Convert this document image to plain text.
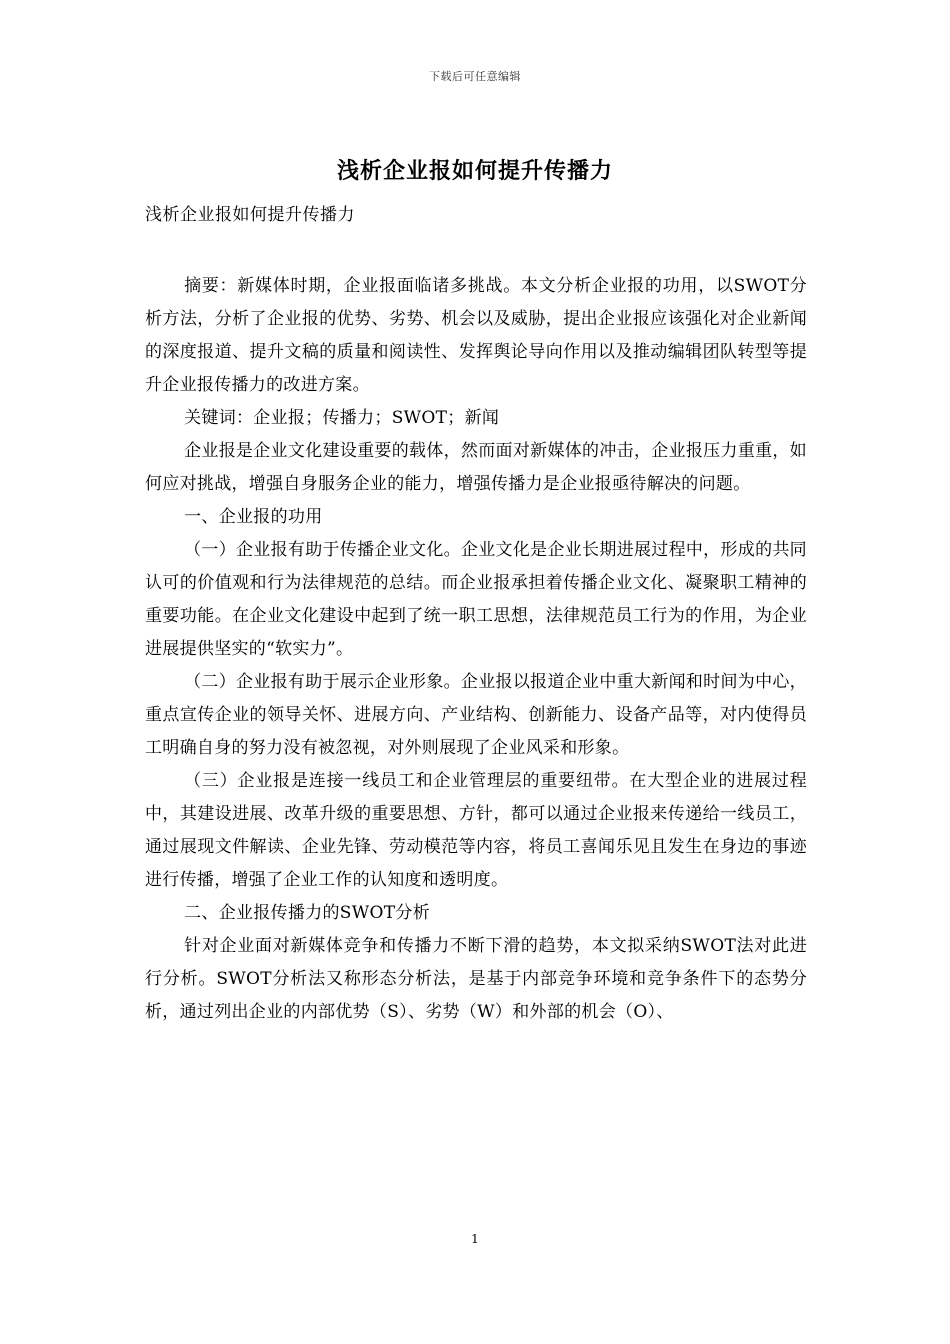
下载后可任意编辑
浅析企业报如何提升传播力
浅析企业报如何提升传播力

摘要：新媒体时期，企业报面临诸多挑战。本文分析企业报的功用，以SWOT分析方法，分析了企业报的优势、劣势、机会以及威胁，提出企业报应该强化对企业新闻的深度报道、提升文稿的质量和阅读性、发挥舆论导向作用以及推动编辑团队转型等提升企业报传播力的改进方案。

关键词：企业报；传播力；SWOT；新闻

企业报是企业文化建设重要的载体，然而面对新媒体的冲击，企业报压力重重，如何应对挑战，增强自身服务企业的能力，增强传播力是企业报亟待解决的问题。

一、企业报的功用

（一）企业报有助于传播企业文化。企业文化是企业长期进展过程中，形成的共同认可的价值观和行为法律规范的总结。而企业报承担着传播企业文化、凝聚职工精神的重要功能。在企业文化建设中起到了统一职工思想，法律规范员工行为的作用，为企业进展提供坚实的“软实力”。

（二）企业报有助于展示企业形象。企业报以报道企业中重大新闻和时间为中心，重点宣传企业的领导关怀、进展方向、产业结构、创新能力、设备产品等，对内使得员工明确自身的努力没有被忽视，对外则展现了企业风采和形象。

（三）企业报是连接一线员工和企业管理层的重要纽带。在大型企业的进展过程中，其建设进展、改革升级的重要思想、方针，都可以通过企业报来传递给一线员工，通过展现文件解读、企业先锋、劳动模范等内容，将员工喜闻乐见且发生在身边的事迹进行传播，增强了企业工作的认知度和透明度。

二、企业报传播力的SWOT分析

针对企业面对新媒体竞争和传播力不断下滑的趋势，本文拟采纳SWOT法对此进行分析。SWOT分析法又称形态分析法，是基于内部竞争环境和竞争条件下的态势分析，通过列出企业的内部优势（S）、劣势（W）和外部的机会（O）、

1
